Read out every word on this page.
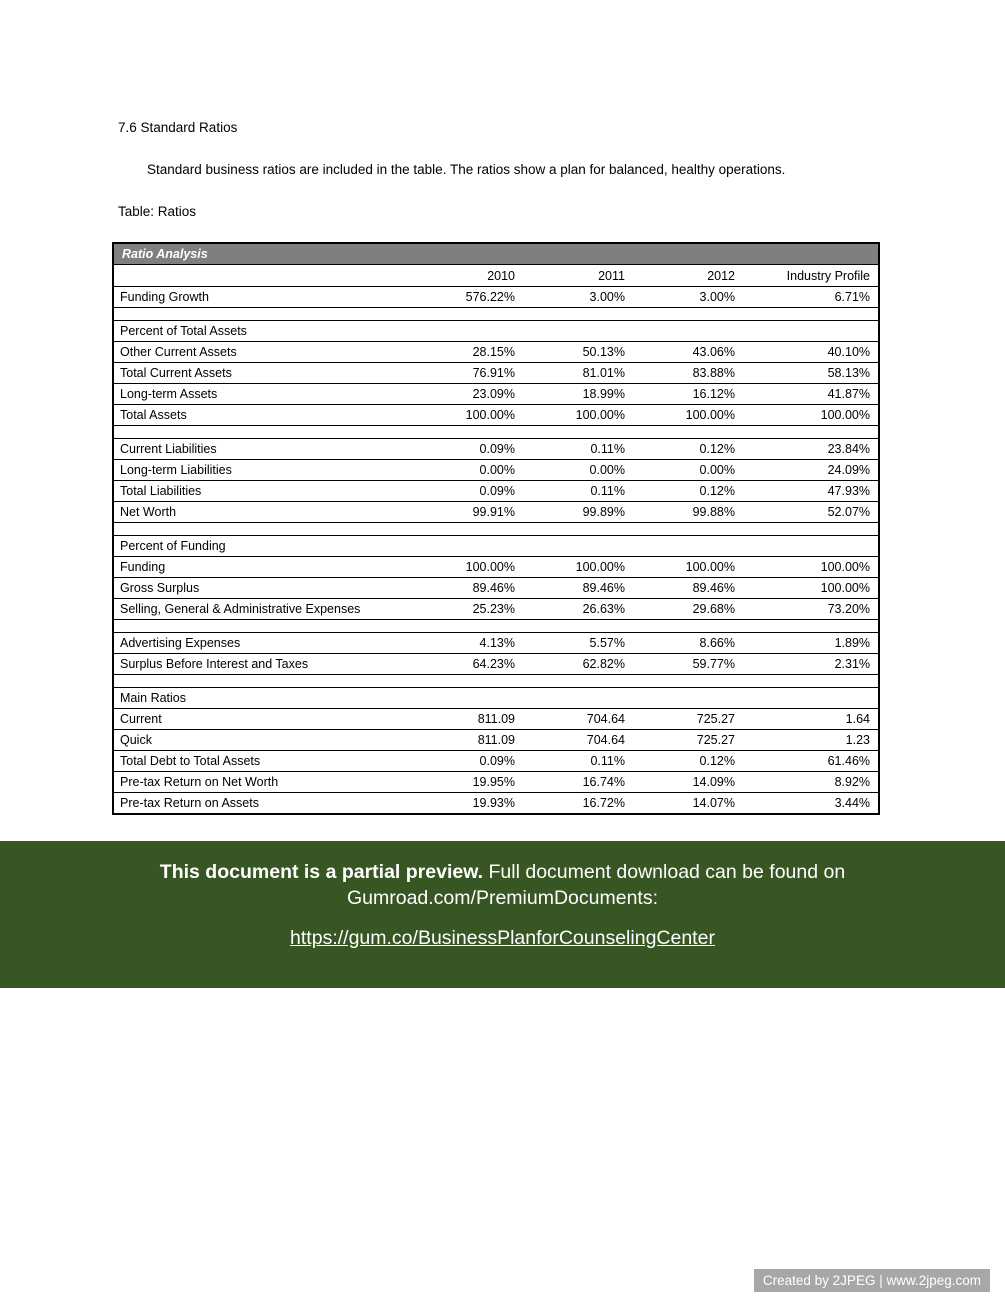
7.6 Standard Ratios
Standard business ratios are included in the table. The ratios show a plan for balanced, healthy operations.
Table: Ratios
Ratio Analysis				
	2010	2011	2012	Industry Profile
Funding Growth	576.22%	3.00%	3.00%	6.71%

Percent of Total Assets				
Other Current Assets	28.15%	50.13%	43.06%	40.10%
Total Current Assets	76.91%	81.01%	83.88%	58.13%
Long-term Assets	23.09%	18.99%	16.12%	41.87%
Total Assets	100.00%	100.00%	100.00%	100.00%

Current Liabilities	0.09%	0.11%	0.12%	23.84%
Long-term Liabilities	0.00%	0.00%	0.00%	24.09%
Total Liabilities	0.09%	0.11%	0.12%	47.93%
Net Worth	99.91%	99.89%	99.88%	52.07%

Percent of Funding				
Funding	100.00%	100.00%	100.00%	100.00%
Gross Surplus	89.46%	89.46%	89.46%	100.00%
Selling, General & Administrative Expenses	25.23%	26.63%	29.68%	73.20%

Advertising Expenses	4.13%	5.57%	8.66%	1.89%
Surplus Before Interest and Taxes	64.23%	62.82%	59.77%	2.31%

Main Ratios				
Current	811.09	704.64	725.27	1.64
Quick	811.09	704.64	725.27	1.23
Total Debt to Total Assets	0.09%	0.11%	0.12%	61.46%
Pre-tax Return on Net Worth	19.95%	16.74%	14.09%	8.92%
Pre-tax Return on Assets	19.93%	16.72%	14.07%	3.44%
This document is a partial preview. Full document download can be found on Gumroad.com/PremiumDocuments:
https://gum.co/BusinessPlanforCounselingCenter
Created by 2JPEG | www.2jpeg.com
